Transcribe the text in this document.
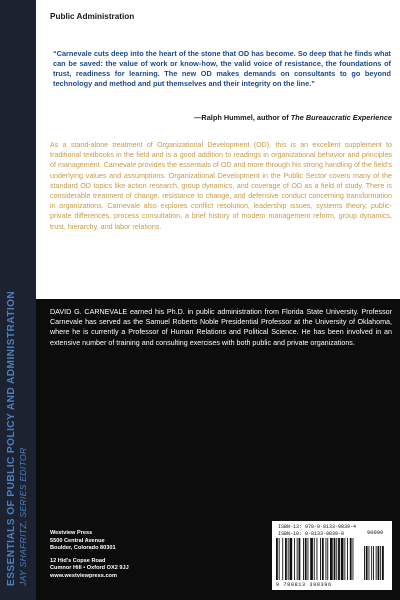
ESSENTIALS OF PUBLIC POLICY AND ADMINISTRATION JAY SHAFRITZ, SERIES EDITOR
Public Administration
“Carnevale cuts deep into the heart of the stone that OD has become. So deep that he finds what can be saved: the value of work or know-how, the valid voice of resistance, the foundations of trust, readiness for learning. The new OD makes demands on consultants to go beyond technology and method and put themselves and their integrity on the line.”
—Ralph Hummel, author of The Bureaucratic Experience
As a stand-alone treatment of Organizational Development (OD), this is an excellent supplement to traditional textbooks in the field and is a good addition to readings in organizational behavior and principles of management. Carnevale provides the essentials of OD and more through his strong handling of the field’s underlying values and assumptions. Organizational Development in the Public Sector covers many of the standard OD topics like action research, group dynamics, and coverage of OD as a field of study. There is considerable treatment of change, resistance to change, and defensive conduct concerning transformation in organizations. Carnevale also explores conflict resolution, leadership issues, systems theory, public-private differences, process consultation, a brief history of modern management reform, group dynamics, trust, hierarchy, and labor relations.
DAVID G. CARNEVALE earned his Ph.D. in public administration from Florida State University. Professor Carnevale has served as the Samuel Roberts Noble Presidential Professor at the University of Oklahoma, where he is currently a Professor of Human Relations and Political Science. He has been involved in an extensive number of training and consulting exercises with both public and private organizations.
Westview Press
5500 Central Avenue
Boulder, Colorado 80301
12 Hid’s Copse Road
Cumnor Hill • Oxford OX2 9JJ
www.westviewpress.com
ISBN-13: 978-0-8133-9839-4
ISBN-10: 0-8133-9839-8	90000
9 780813 398396
